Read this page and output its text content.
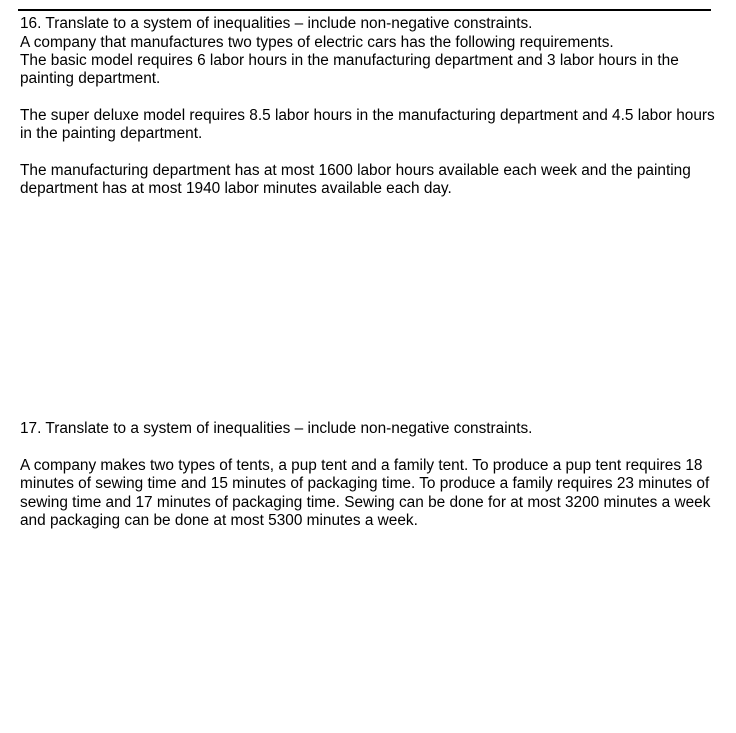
16. Translate to a system of inequalities – include non-negative constraints.

A company that manufactures two types of electric cars has the following requirements.

The basic model requires 6 labor hours in the manufacturing department and 3 labor hours in the painting department.

The super deluxe model requires 8.5 labor hours in the manufacturing department and 4.5 labor hours in the painting department.

The manufacturing department has at most 1600 labor hours available each week and the painting department has at most 1940 labor minutes available each day.

17. Translate to a system of inequalities – include non-negative constraints.

A company makes two types of tents, a pup tent and a family tent. To produce a pup tent requires 18 minutes of sewing time and 15 minutes of packaging time. To produce a family requires 23 minutes of sewing time and 17 minutes of packaging time. Sewing can be done for at most 3200 minutes a week and packaging can be done at most 5300 minutes a week.
